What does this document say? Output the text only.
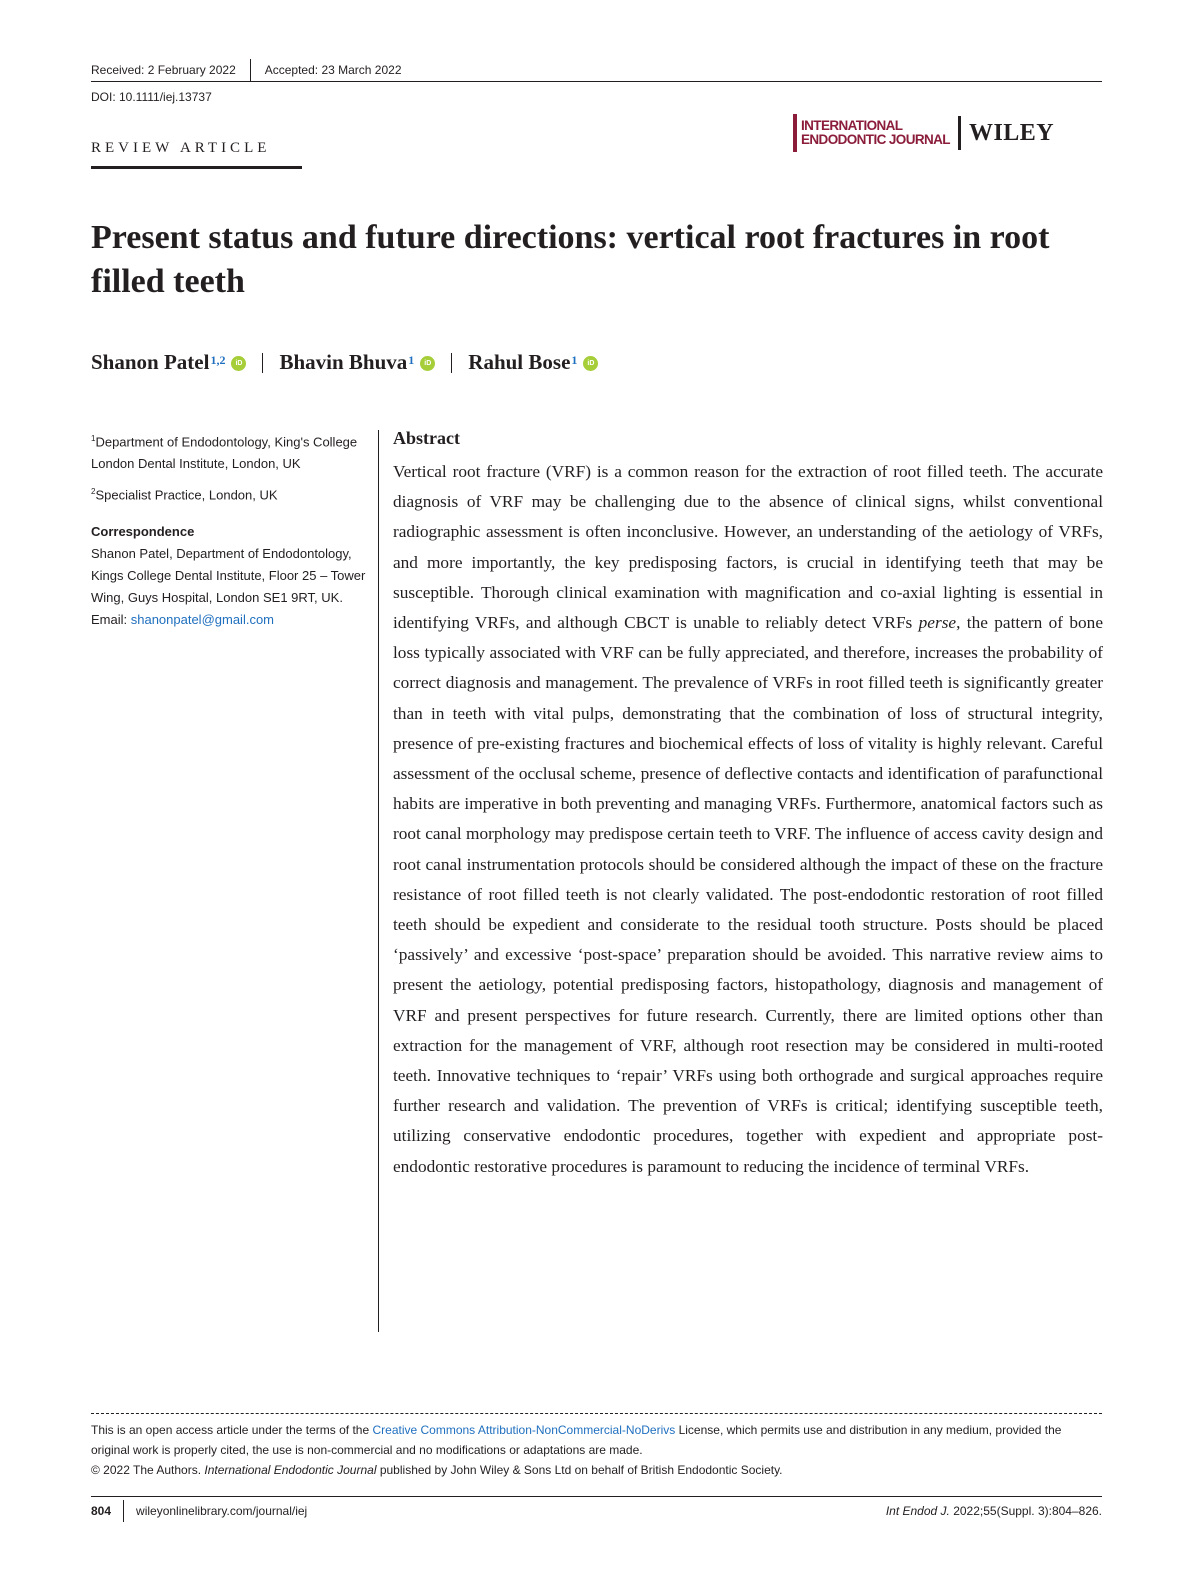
Received: 2 February 2022 Accepted: 23 March 2022
DOI: 10.1111/iej.13737
REVIEW ARTICLE
INTERNATIONAL
ENDODONTIC JOURNAL WILEY
Present status and future directions: vertical root fractures in root filled teeth
Shanon Patel$^{1,2}$ iD	Bhavin Bhuva$^1$ iD	Rahul Bose$^1$
iD
$^1$Department of Endodontology, King's College London Dental Institute, London, UK
$^2$Specialist Practice, London, UK
Correspondence
Shanon Patel, Department of Endodontology, Kings College Dental Institute, Floor 25 – Tower Wing, Guys Hospital, London SE1 9RT, UK.
Email: shanonpatel@gmail.com
Abstract

Vertical root fracture (VRF) is a common reason for the extraction of root filled teeth. The accurate diagnosis of VRF may be challenging due to the absence of clinical signs, whilst conventional radiographic assessment is often inconclusive. However, an understanding of the aetiology of VRFs, and more importantly, the key predisposing factors, is crucial in identifying teeth that may be susceptible. Thorough clinical examination with magnification and co-axial lighting is essential in identifying VRFs, and although CBCT is unable to reliably detect VRFs perse, the pattern of bone loss typically associated with VRF can be fully appreciated, and therefore, increases the probability of correct diagnosis and management. The prevalence of VRFs in root filled teeth is significantly greater than in teeth with vital pulps, demonstrating that the combination of loss of structural integrity, presence of pre-existing fractures and biochemical effects of loss of vitality is highly relevant. Careful assessment of the occlusal scheme, presence of deflective contacts and identification of parafunctional habits are imperative in both preventing and managing VRFs. Furthermore, anatomical factors such as root canal morphology may predispose certain teeth to VRF. The influence of access cavity design and root canal instrumentation protocols should be considered although the impact of these on the fracture resistance of root filled teeth is not clearly validated. The post-endodontic restoration of root filled teeth should be expedient and considerate to the residual tooth structure. Posts should be placed ‘passively’ and excessive ‘post-space’ preparation should be avoided. This narrative review aims to present the aetiology, potential predisposing factors, histopathology, diagnosis and management of VRF and present perspectives for future research. Currently, there are limited options other than extraction for the management of VRF, although root resection may be considered in multi-rooted teeth. Innovative techniques to ‘repair’ VRFs using both orthograde and surgical approaches require further research and validation. The prevention of VRFs is critical; identifying susceptible teeth, utilizing conservative endodontic procedures, together with expedient and appropriate post-endodontic restorative procedures is paramount to reducing the incidence of terminal VRFs.

This is an open access article under the terms of the Creative Commons Attribution-NonCommercial-NoDerivs License, which permits use and distribution in any medium, provided the original work is properly cited, the use is non-commercial and no modifications or adaptations are made.
© 2022 The Authors. International Endodontic Journal published by John Wiley & Sons Ltd on behalf of British Endodontic Society.
804 wileyonlinelibrary.com/journal/iej	Int Endod J. 2022;55(Suppl. 3):804–826.
